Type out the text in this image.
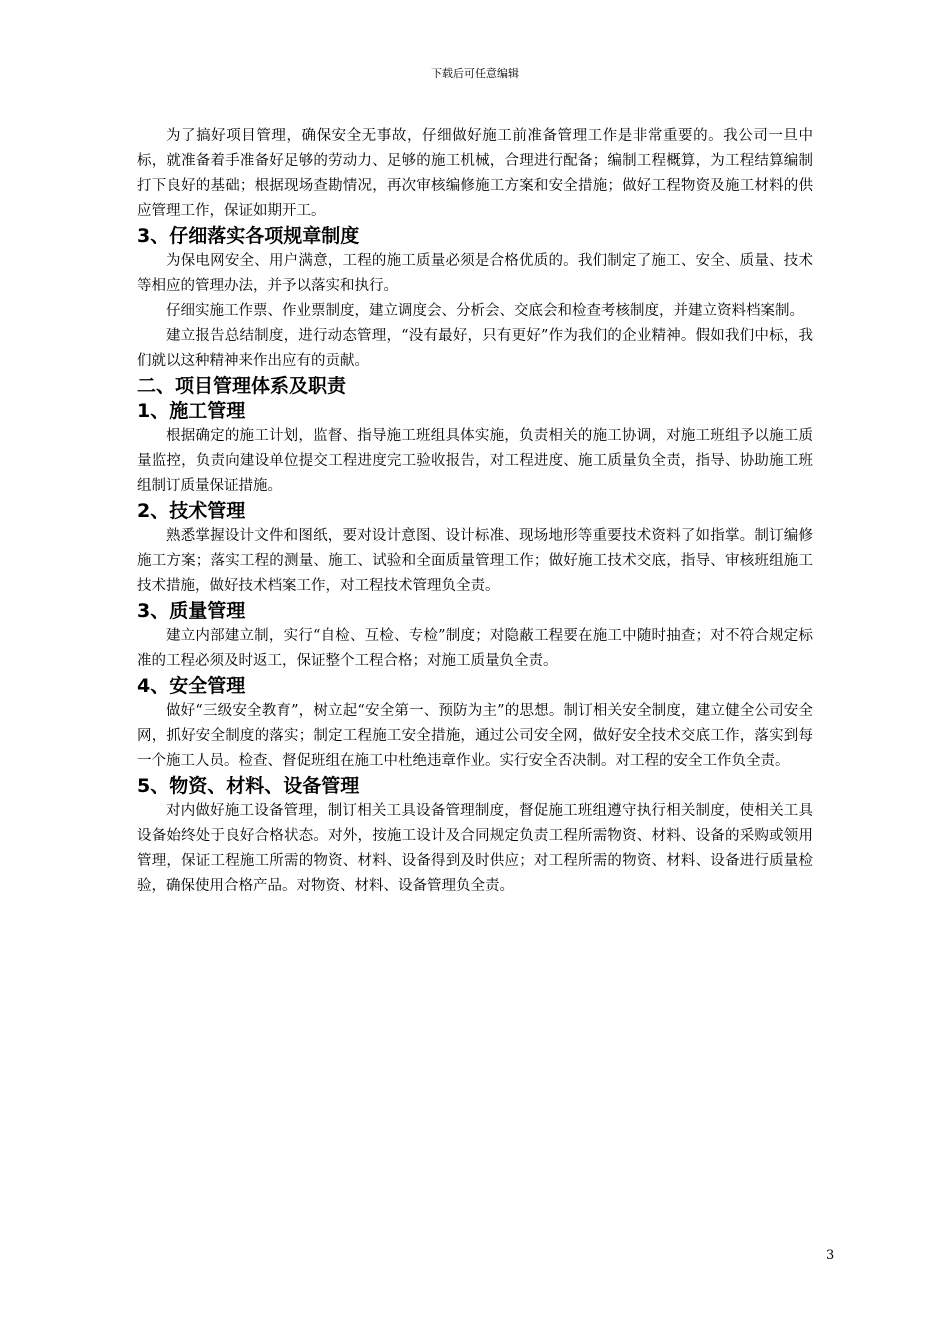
下载后可任意编辑

为了搞好项目管理，确保安全无事故，仔细做好施工前准备管理工作是非常重要的。我公司一旦中标，就准备着手准备好足够的劳动力、足够的施工机械，合理进行配备；编制工程概算，为工程结算编制打下良好的基础；根据现场查勘情况，再次审核编修施工方案和安全措施；做好工程物资及施工材料的供应管理工作，保证如期开工。

3、仔细落实各项规章制度

为保电网安全、用户满意，工程的施工质量必须是合格优质的。我们制定了施工、安全、质量、技术等相应的管理办法，并予以落实和执行。

仔细实施工作票、作业票制度，建立调度会、分析会、交底会和检查考核制度，并建立资料档案制。

建立报告总结制度，进行动态管理，“没有最好，只有更好”作为我们的企业精神。假如我们中标，我们就以这种精神来作出应有的贡献。

二、项目管理体系及职责

1、施工管理

根据确定的施工计划，监督、指导施工班组具体实施，负责相关的施工协调，对施工班组予以施工质量监控，负责向建设单位提交工程进度完工验收报告，对工程进度、施工质量负全责，指导、协助施工班组制订质量保证措施。

2、技术管理

熟悉掌握设计文件和图纸，要对设计意图、设计标准、现场地形等重要技术资料了如指掌。制订编修施工方案；落实工程的测量、施工、试验和全面质量管理工作；做好施工技术交底，指导、审核班组施工技术措施，做好技术档案工作，对工程技术管理负全责。

3、质量管理

建立内部建立制，实行“自检、互检、专检”制度；对隐蔽工程要在施工中随时抽查；对不符合规定标准的工程必须及时返工，保证整个工程合格；对施工质量负全责。

4、安全管理

做好“三级安全教育”，树立起“安全第一、预防为主”的思想。制订相关安全制度，建立健全公司安全网，抓好安全制度的落实；制定工程施工安全措施，通过公司安全网，做好安全技术交底工作，落实到每一个施工人员。检查、督促班组在施工中杜绝违章作业。实行安全否决制。对工程的安全工作负全责。

5、物资、材料、设备管理

对内做好施工设备管理，制订相关工具设备管理制度，督促施工班组遵守执行相关制度，使相关工具设备始终处于良好合格状态。对外，按施工设计及合同规定负责工程所需物资、材料、设备的采购或领用管理，保证工程施工所需的物资、材料、设备得到及时供应；对工程所需的物资、材料、设备进行质量检验，确保使用合格产品。对物资、材料、设备管理负全责。

3
